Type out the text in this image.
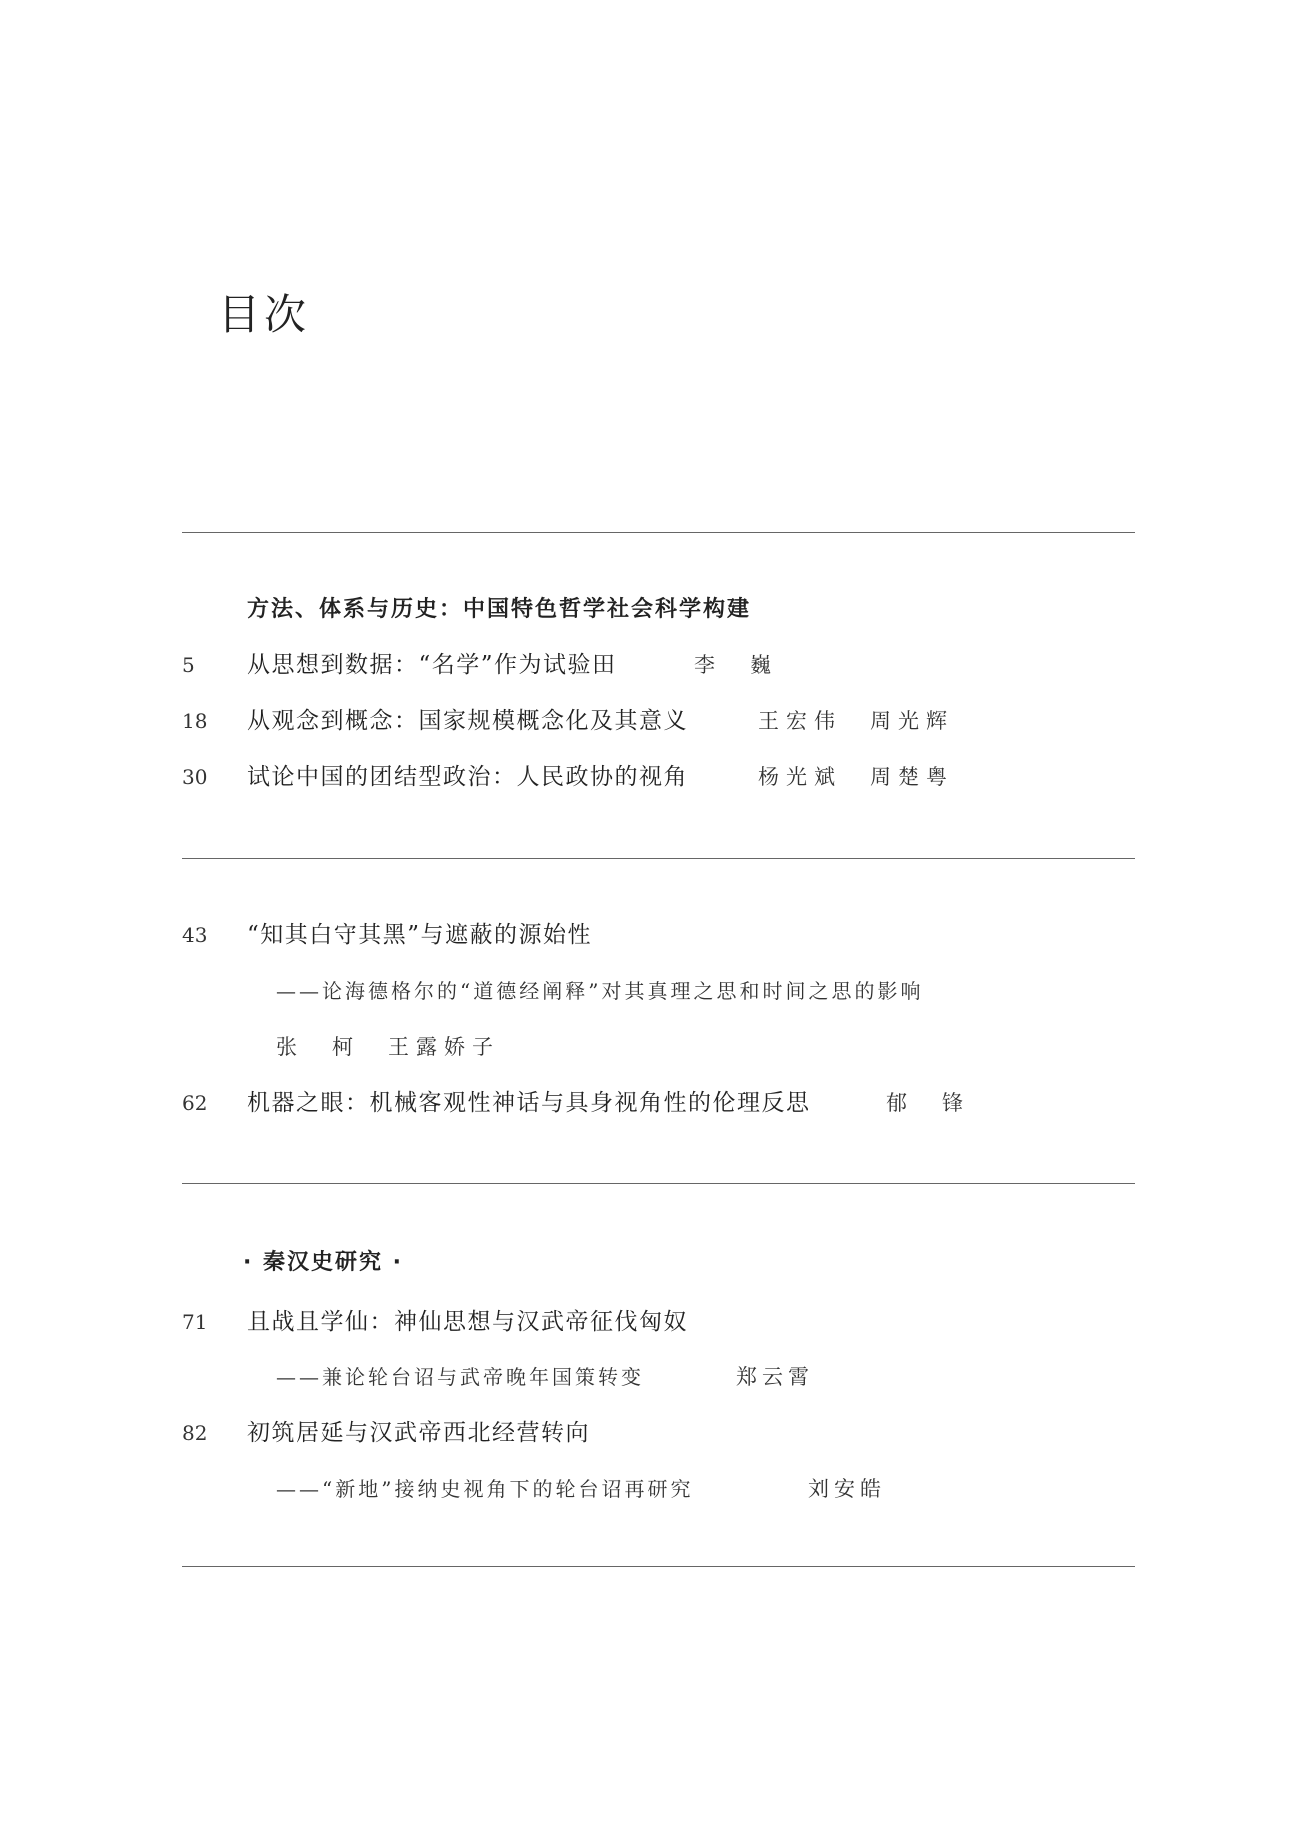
目次
方法、体系与历史：中国特色哲学社会科学构建
5 从思想到数据：“名学”作为试验田	李　巍
18 从观念到概念：国家规模概念化及其意义	王宏伟　周光辉
30 试论中国的团结型政治：人民政协的视角	杨光斌　周楚粤
43 “知其白守其黑”与遮蔽的源始性
——论海德格尔的“道德经阐释”对其真理之思和时间之思的影响
张　柯　王露娇子
62 机器之眼：机械客观性神话与具身视角性的伦理反思	郁　锋
· 秦汉史研究 ·
71 且战且学仙：神仙思想与汉武帝征伐匈奴
——兼论轮台诏与武帝晚年国策转变	郑云霄
82 初筑居延与汉武帝西北经营转向
——“新地”接纳史视角下的轮台诏再研究	刘安皓
